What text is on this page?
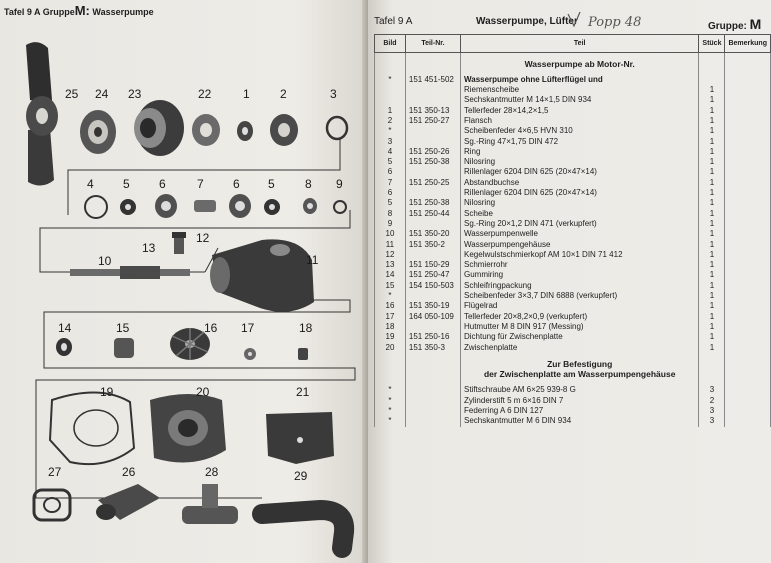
Tafel 9 A GruppeM: Wasserpumpe
25 24 23	22	1	2	3
4 5 6	7 6 5	8 9
13
12
10	11
14	15	16 17	18
19	20	21
27	26	28	29
Tafel 9 A	Wasserpumpe, Lüfter Popp 48	Gruppe: M
Bild	Teil-Nr.	Teil	Stück	Bemerkung

		Wasserpumpe ab Motor-Nr.		

*	151 451-502	Wasserpumpe ohne Lüfterflügel und		
		Riemenscheibe	1	
		Sechskantmutter M 14×1,5 DIN 934	1	
1	151 350-13	Tellerfeder 28×14,2×1,5	1	
2	151 250-27	Flansch	1	
*		Scheibenfeder 4×6,5 HVN 310	1	
3		Sg.-Ring 47×1,75 DIN 472	1	
4	151 250-26	Ring	1	
5	151 250-38	Nilosring	1	
6		Rillenlager 6204 DIN 625 (20×47×14)	1	
7	151 250-25	Abstandbuchse	1	
6		Rillenlager 6204 DIN 625 (20×47×14)	1	
5	151 250-38	Nilosring	1	
8	151 250-44	Scheibe	1	
9		Sg.-Ring 20×1,2 DIN 471 (verkupfert)	1	
10	151 350-20	Wasserpumpenwelle	1	
11	151 350-2	Wasserpumpengehäuse	1	
12		Kegelwulstschmierkopf AM 10×1 DIN 71 412	1	
13	151 150-29	Schmierrohr	1	
14	151 250-47	Gummiring	1	
15	154 150-503	Schleifringpackung	1	
*		Scheibenfeder 3×3,7 DIN 6888 (verkupfert)	1	
16	151 350-19	Flügelrad	1	
17	164 050-109	Tellerfeder 20×8,2×0,9 (verkupfert)	1	
18		Hutmutter M 8 DIN 917 (Messing)	1	
19	151 250-16	Dichtung für Zwischenplatte	1	
20	151 350-3	Zwischenplatte	1	

		Zur Befestigung		
		der Zwischenplatte am Wasserpumpengehäuse		

*		Stiftschraube AM 6×25 939-8 G	3	
*		Zylinderstift 5 m 6×16 DIN 7	2	
*		Federring A 6 DIN 127	3	
*		Sechskantmutter M 6 DIN 934	3	
